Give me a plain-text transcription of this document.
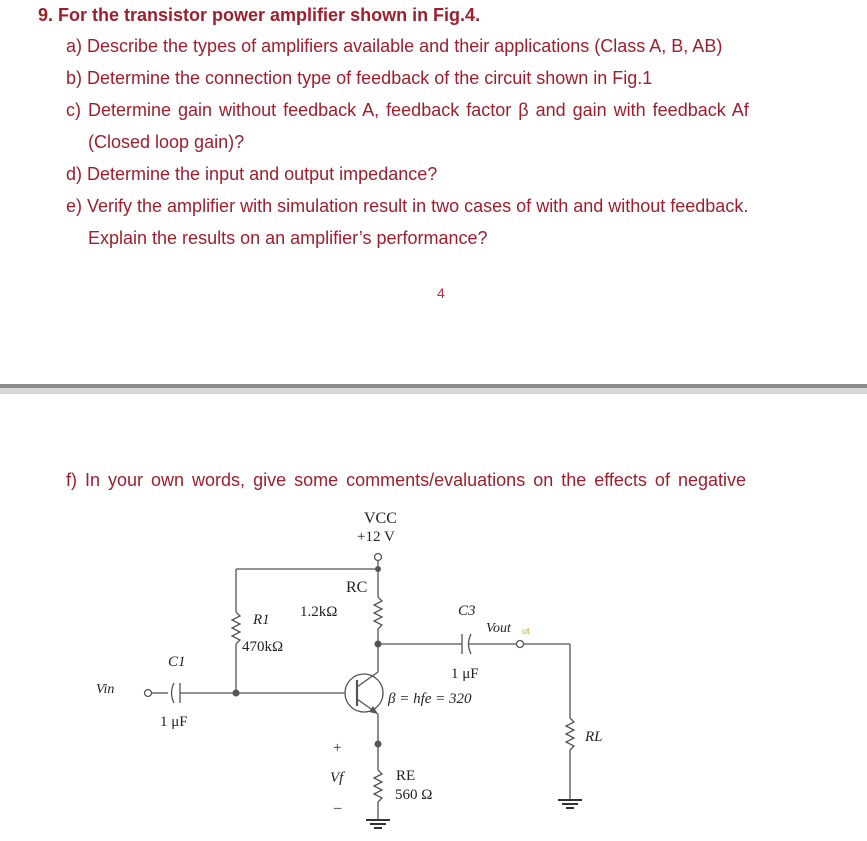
9. For the transistor power amplifier shown in Fig.4.
a) Describe the types of amplifiers available and their applications (Class A, B, AB)
b) Determine the connection type of feedback of the circuit shown in Fig.1
c) Determine gain without feedback A, feedback factor β and gain with feedback Af
(Closed loop gain)?
d) Determine the input and output impedance?
e) Verify the amplifier with simulation result in two cases of with and without feedback.
Explain the results on an amplifier’s performance?
4
f) In your own words, give some comments/evaluations on the effects of negative
VCC
+12 V
RC
1.2kΩ
R1
470kΩ
C1
1 μF
C3
1 μF
Vin
Vout ut
β = hfe = 320
RE
560 Ω
RL
+
Vf
–
